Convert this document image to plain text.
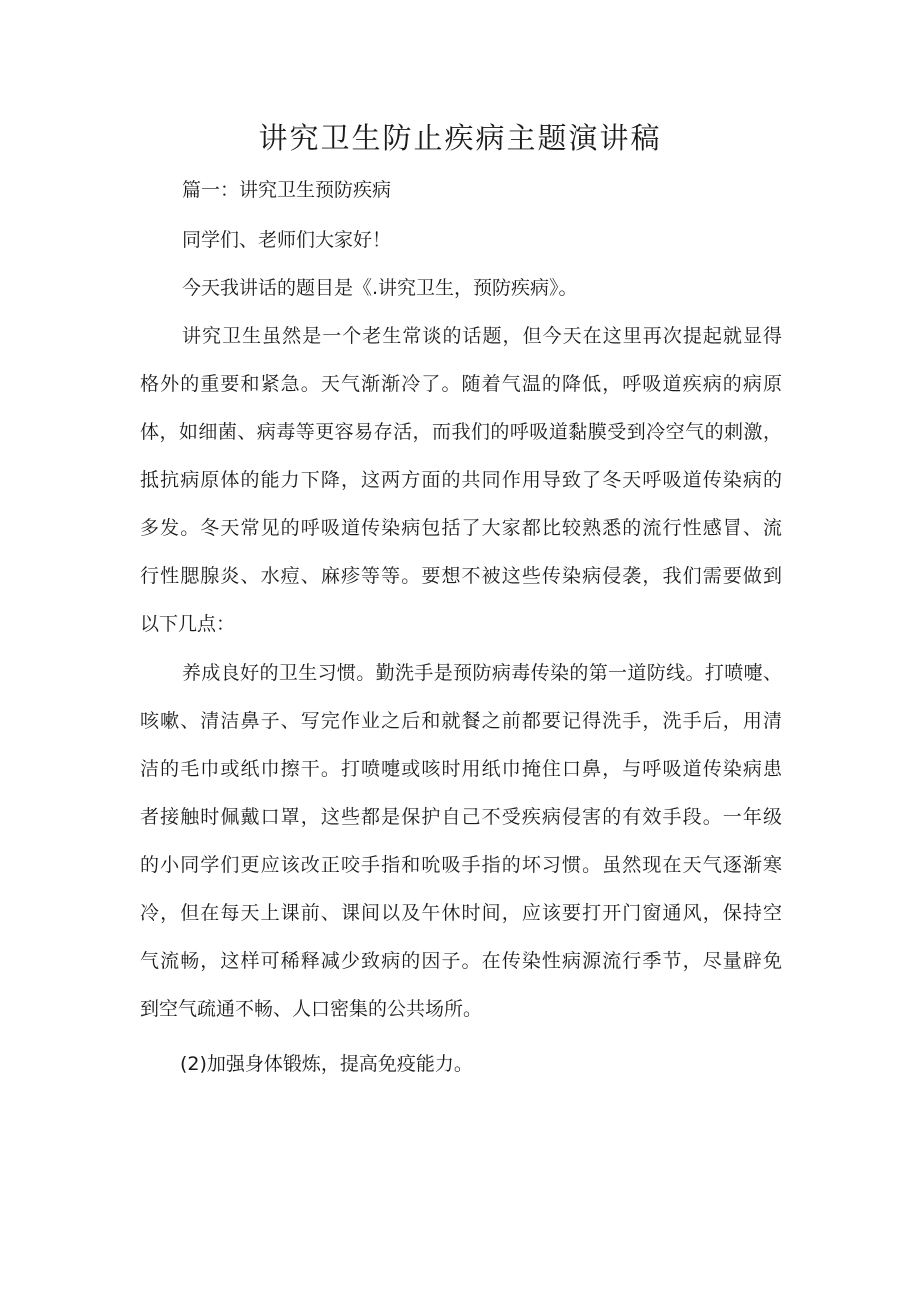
讲究卫生防止疾病主题演讲稿

篇一：讲究卫生预防疾病

同学们、老师们大家好！

今天我讲话的题目是《.讲究卫生，预防疾病》。

讲究卫生虽然是一个老生常谈的话题，但今天在这里再次提起就显得

格外的重要和紧急。天气渐渐冷了。随着气温的降低，呼吸道疾病的病原

体，如细菌、病毒等更容易存活，而我们的呼吸道黏膜受到冷空气的刺激，

抵抗病原体的能力下降，这两方面的共同作用导致了冬天呼吸道传染病的

多发。冬天常见的呼吸道传染病包括了大家都比较熟悉的流行性感冒、流

行性腮腺炎、水痘、麻疹等等。要想不被这些传染病侵袭，我们需要做到

以下几点：

养成良好的卫生习惯。勤洗手是预防病毒传染的第一道防线。打喷嚏、

咳嗽、清洁鼻子、写完作业之后和就餐之前都要记得洗手，洗手后，用清

洁的毛巾或纸巾擦干。打喷嚏或咳时用纸巾掩住口鼻，与呼吸道传染病患

者接触时佩戴口罩，这些都是保护自己不受疾病侵害的有效手段。一年级

的小同学们更应该改正咬手指和吮吸手指的坏习惯。虽然现在天气逐渐寒

冷，但在每天上课前、课间以及午休时间，应该要打开门窗通风，保持空

气流畅，这样可稀释减少致病的因子。在传染性病源流行季节，尽量辟免

到空气疏通不畅、人口密集的公共场所。

(2)加强身体锻炼，提高免疫能力。
